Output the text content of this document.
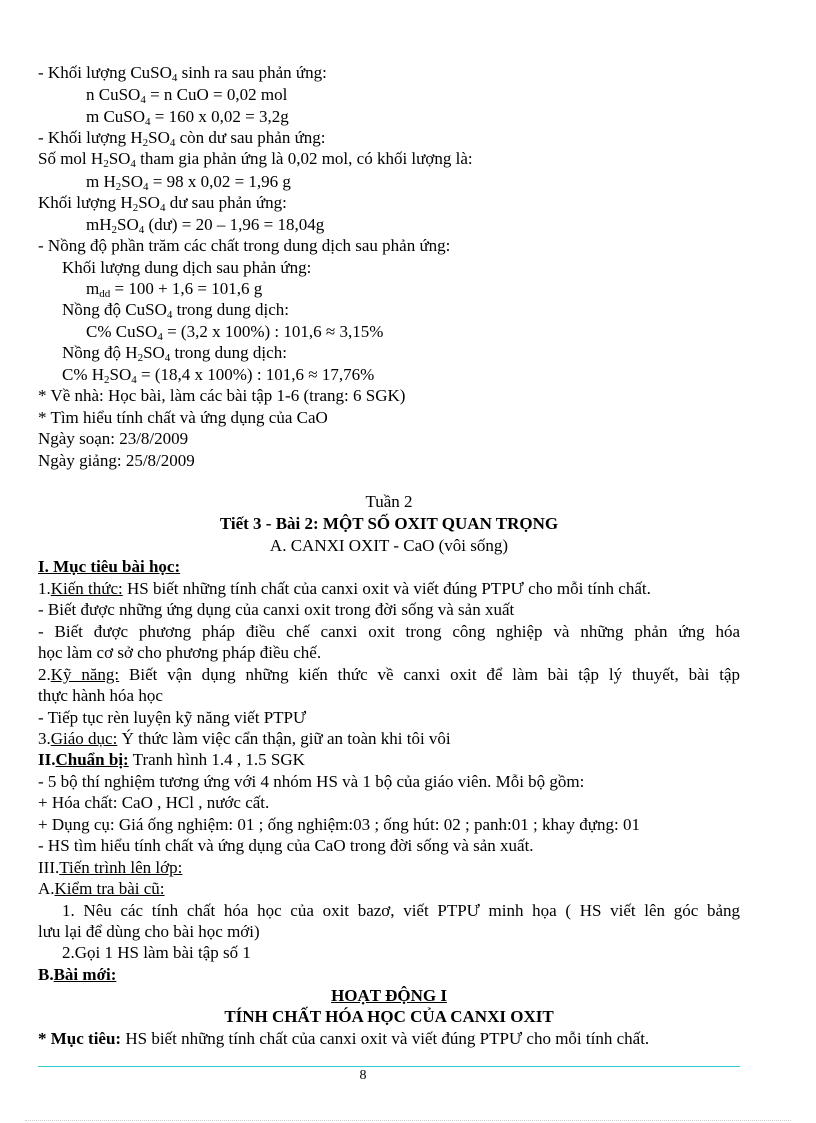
- Khối lượng CuSO$_4$ sinh ra sau phản ứng:
n CuSO$_4$ = n CuO = 0,02 mol
m CuSO$_4$ = 160 x 0,02 = 3,2g
- Khối lượng $H_2SO_4$ còn dư sau phản ứng:
Số mol $H_2SO_4$ tham gia phản ứng là 0,02 mol, có khối lượng là:
m $H_2SO_4 = 98$ x 0,02 = 1,96 g
Khối lượng $H_2SO_4$ dư sau phản ứng:
$mH_2SO_4$ (dư) = 20 – 1,96 = 18,04g
- Nồng độ phần trăm các chất trong dung dịch sau phản ứng:
Khối lượng dung dịch sau phản ứng:
$m_{dd} = 100 + 1,6 = 101,6$ g
Nồng độ CuSO$_4$ trong dung dịch:
C% CuSO$_4$ = (3,2 x 100%) : 101,6 ≈ 3,15%
Nồng độ $H_2SO_4$ trong dung dịch:
C% $H_2SO_4 = (18,4$ x 100%) : 101,6 ≈ 17,76%
* Về nhà: Học bài, làm các bài tập 1-6 (trang: 6 SGK)
* Tìm hiểu tính chất và ứng dụng của CaO
Ngày soạn: 23/8/2009
Ngày giảng: 25/8/2009
Tuần 2
Tiết 3 - Bài 2: MỘT SỐ OXIT QUAN TRỌNG
A. CANXI OXIT - CaO (vôi sống)
I. Mục tiêu bài học:
1.Kiến thức: HS biết những tính chất của canxi oxit và viết đúng PTPƯ cho mỗi tính chất.
- Biết được những ứng dụng của canxi oxit trong đời sống và sản xuất
- Biết được phương pháp điều chế canxi oxit trong công nghiệp và những phản ứng hóa
học làm cơ sở cho phương pháp điều chế.
2.Kỹ năng: Biết vận dụng những kiến thức về canxi oxit để làm bài tập lý thuyết, bài tập
thực hành hóa học
- Tiếp tục rèn luyện kỹ năng viết PTPƯ
3.Giáo dục: Ý thức làm việc cẩn thận, giữ an toàn khi tôi vôi
II.Chuẩn bị: Tranh hình 1.4 , 1.5 SGK
- 5 bộ thí nghiệm tương ứng với 4 nhóm HS và 1 bộ của giáo viên. Mỗi bộ gồm:
+ Hóa chất: CaO , HCl , nước cất.
+ Dụng cụ: Giá ống nghiệm: 01 ; ống nghiệm:03 ; ống hút: 02 ; panh:01 ; khay đựng: 01
- HS tìm hiểu tính chất và ứng dụng của CaO trong đời sống và sản xuất.
III.Tiến trình lên lớp:
A.Kiểm tra bài cũ:
1. Nêu các tính chất hóa học của oxit bazơ, viết PTPƯ minh họa ( HS viết lên góc bảng
lưu lại để dùng cho bài học mới)
2.Gọi 1 HS làm bài tập số 1
B.Bài mới:
HOẠT ĐỘNG I
TÍNH CHẤT HÓA HỌC CỦA CANXI OXIT
* Mục tiêu: HS biết những tính chất của canxi oxit và viết đúng PTPƯ cho mỗi tính chất.
8
